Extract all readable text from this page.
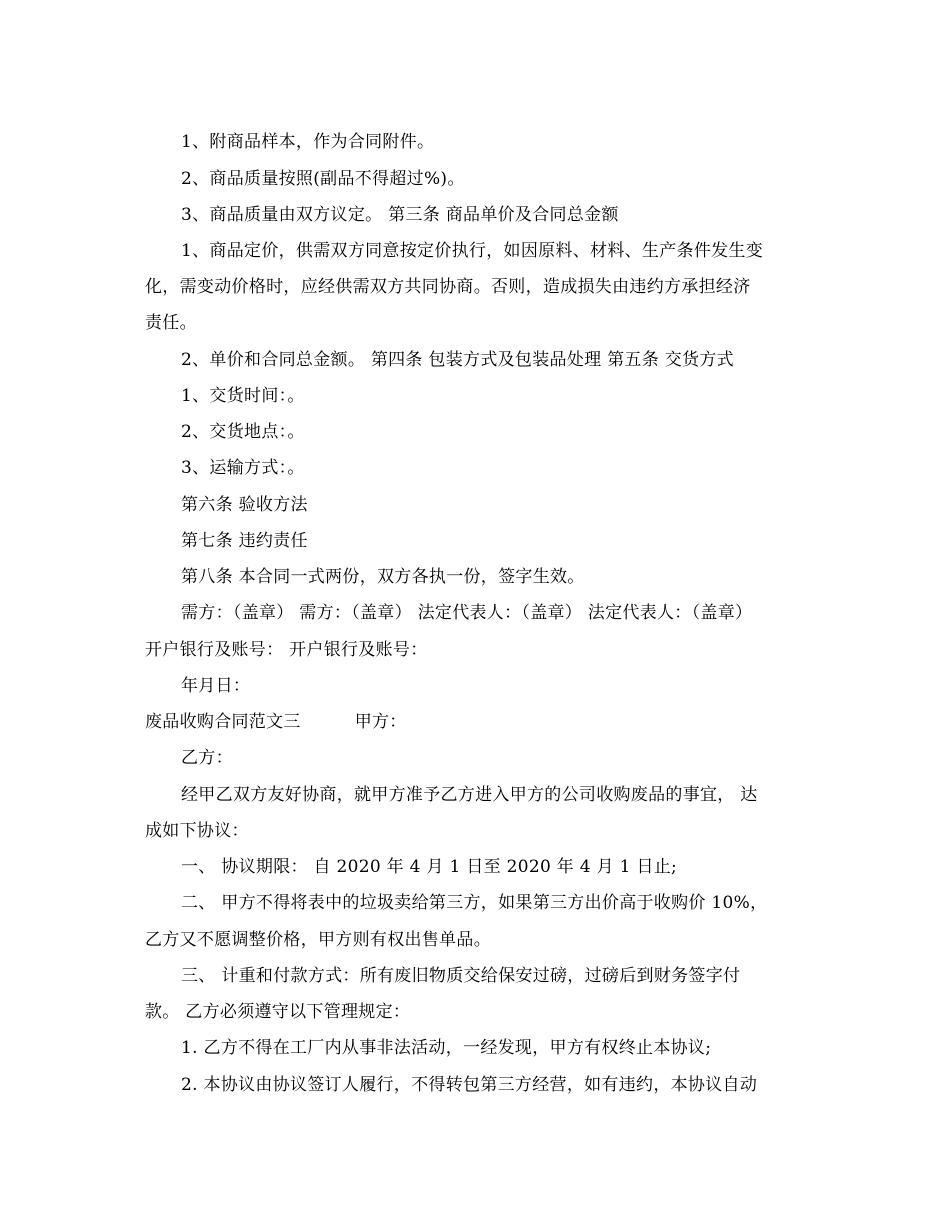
1、附商品样本，作为合同附件。
2、商品质量按照(副品不得超过%)。
3、商品质量由双方议定。 第三条 商品单价及合同总金额
1、商品定价，供需双方同意按定价执行，如因原料、材料、生产条件发生变
化，需变动价格时，应经供需双方共同协商。否则，造成损失由违约方承担经济
责任。
2、单价和合同总金额。 第四条 包装方式及包装品处理 第五条 交货方式
1、交货时间：。
2、交货地点：。
3、运输方式：。
第六条 验收方法
第七条 违约责任
第八条 本合同一式两份，双方各执一份，签字生效。
需方：（盖章） 需方：（盖章） 法定代表人：（盖章） 法定代表人：（盖章）
开户银行及账号： 开户银行及账号：
年月日：
废品收购合同范文三	甲方：
乙方：
经甲乙双方友好协商，就甲方准予乙方进入甲方的公司收购废品的事宜， 达
成如下协议：
一、 协议期限： 自 2020 年 4 月 1 日至 2020 年 4 月 1 日止;
二、 甲方不得将表中的垃圾卖给第三方，如果第三方出价高于收购价 10%，
乙方又不愿调整价格，甲方则有权出售单品。
三、 计重和付款方式：所有废旧物质交给保安过磅，过磅后到财务签字付
款。 乙方必须遵守以下管理规定：
1. 乙方不得在工厂内从事非法活动，一经发现，甲方有权终止本协议;
2. 本协议由协议签订人履行，不得转包第三方经营，如有违约，本协议自动
